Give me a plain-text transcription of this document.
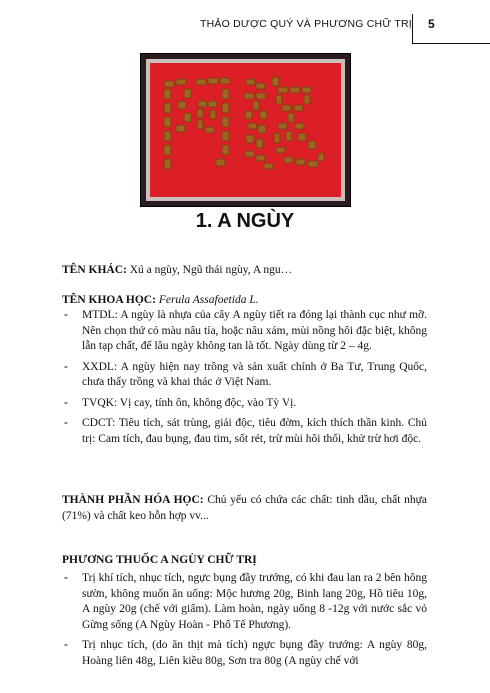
THẢO DƯỢC QUÝ VÀ PHƯƠNG CHỮ TRỊ 5
1. A NGÙY
TÊN KHÁC: Xú a ngùy, Ngũ thái ngùy, A ngu…
TÊN KHOA HỌC: Ferula Assafoetida L.
- MTDL: A ngùy là nhựa của cây A ngùy tiết ra đóng lại thành cục như mỡ. Nên chọn thứ có màu nâu tía, hoặc nâu xám, mùi nồng hôi đặc biệt, không lẫn tạp chất, để lâu ngày không tan là tốt. Ngày dùng từ 2 – 4g.
- XXDL: A ngùy hiện nay trồng và sản xuất chính ở Ba Tư, Trung Quốc, chưa thấy trồng và khai thác ở Việt Nam.
- TVQK: Vị cay, tính ôn, không độc, vào Tỳ Vị.
- CDCT: Tiêu tích, sát trùng, giải độc, tiêu đờm, kích thích thần kinh. Chủ trị: Cam tích, đau bụng, đau tim, sốt rét, trừ mùi hôi thối, khử trừ hơi độc.
THÀNH PHẦN HÓA HỌC: Chủ yếu có chứa các chất: tinh dầu, chất nhựa (71%) và chất keo hỗn hợp vv...
PHƯƠNG THUỐC A NGÙY CHỮ TRỊ
- Trị khí tích, nhục tích, ngực bụng đầy trướng, có khi đau lan ra 2 bên hông sườn, không muốn ăn uống: Mộc hương 20g, Binh lang 20g, Hồ tiêu 10g, A ngùy 20g (chế với giấm). Làm hoàn, ngày uống 8 -12g với nước sắc vỏ Gừng sống (A Ngùy Hoàn - Phổ Tế Phương).
- Trị nhục tích, (do ăn thịt mà tích) ngực bụng đầy trướng: A ngùy 80g, Hoàng liên 48g, Liên kiều 80g, Sơn tra 80g (A ngùy chế với
